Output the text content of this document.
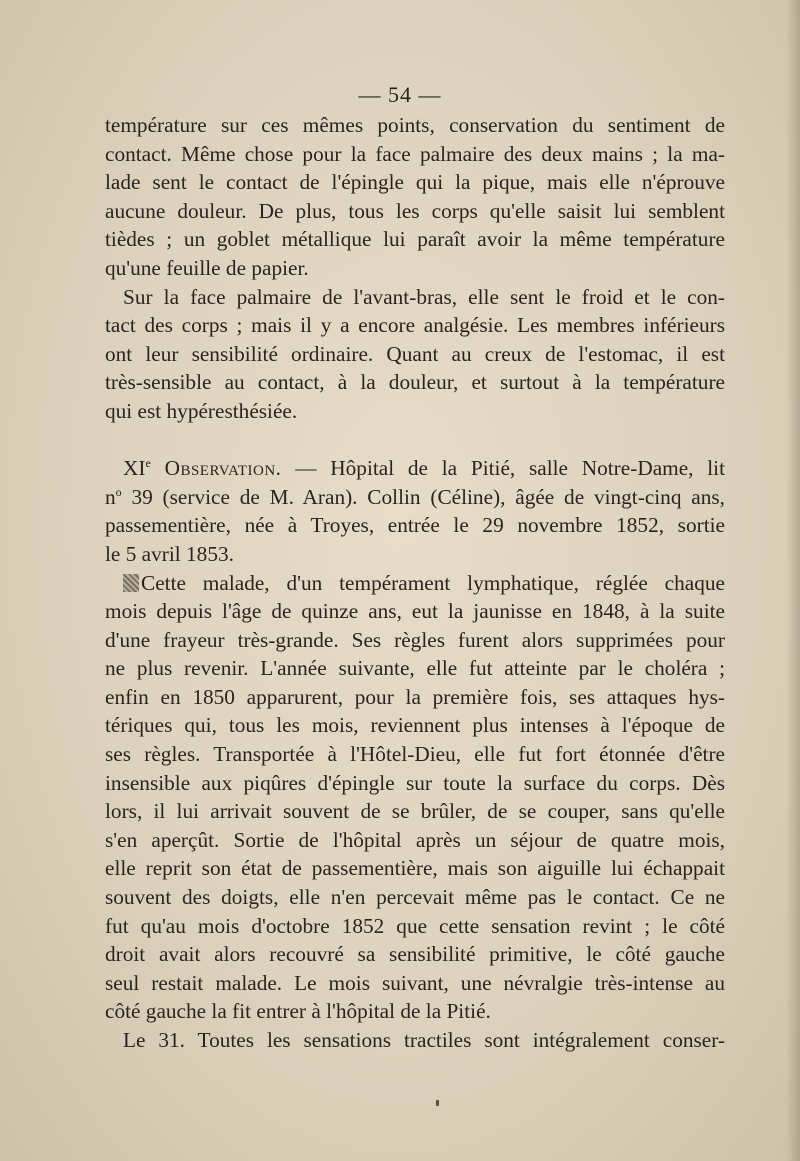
— 54 —
température sur ces mêmes points, conservation du sentiment de
contact. Même chose pour la face palmaire des deux mains ; la ma-
lade sent le contact de l'épingle qui la pique, mais elle n'éprouve
aucune douleur. De plus, tous les corps qu'elle saisit lui semblent
tièdes ; un goblet métallique lui paraît avoir la même température
qu'une feuille de papier.
Sur la face palmaire de l'avant-bras, elle sent le froid et le con-
tact des corps ; mais il y a encore analgésie. Les membres inférieurs
ont leur sensibilité ordinaire. Quant au creux de l'estomac, il est
très-sensible au contact, à la douleur, et surtout à la température
qui est hypéresthésiée.
XIe Observation. — Hôpital de la Pitié, salle Notre-Dame, lit
$n^o$ 39 (service de M. Aran). Collin (Céline), âgée de vingt-cinq ans,
passementière, née à Troyes, entrée le 29 novembre 1852, sortie
le 5 avril 1853.
Cette malade, d'un tempérament lymphatique, réglée chaque
mois depuis l'âge de quinze ans, eut la jaunisse en 1848, à la suite
d'une frayeur très-grande. Ses règles furent alors supprimées pour
ne plus revenir. L'année suivante, elle fut atteinte par le choléra ;
enfin en 1850 apparurent, pour la première fois, ses attaques hys-
tériques qui, tous les mois, reviennent plus intenses à l'époque de
ses règles. Transportée à l'Hôtel-Dieu, elle fut fort étonnée d'être
insensible aux piqûres d'épingle sur toute la surface du corps. Dès
lors, il lui arrivait souvent de se brûler, de se couper, sans qu'elle
s'en aperçût. Sortie de l'hôpital après un séjour de quatre mois,
elle reprit son état de passementière, mais son aiguille lui échappait
souvent des doigts, elle n'en percevait même pas le contact. Ce ne
fut qu'au mois d'octobre 1852 que cette sensation revint ; le côté
droit avait alors recouvré sa sensibilité primitive, le côté gauche
seul restait malade. Le mois suivant, une névralgie très-intense au
côté gauche la fit entrer à l'hôpital de la Pitié.
Le 31. Toutes les sensations tractiles sont intégralement conser-
